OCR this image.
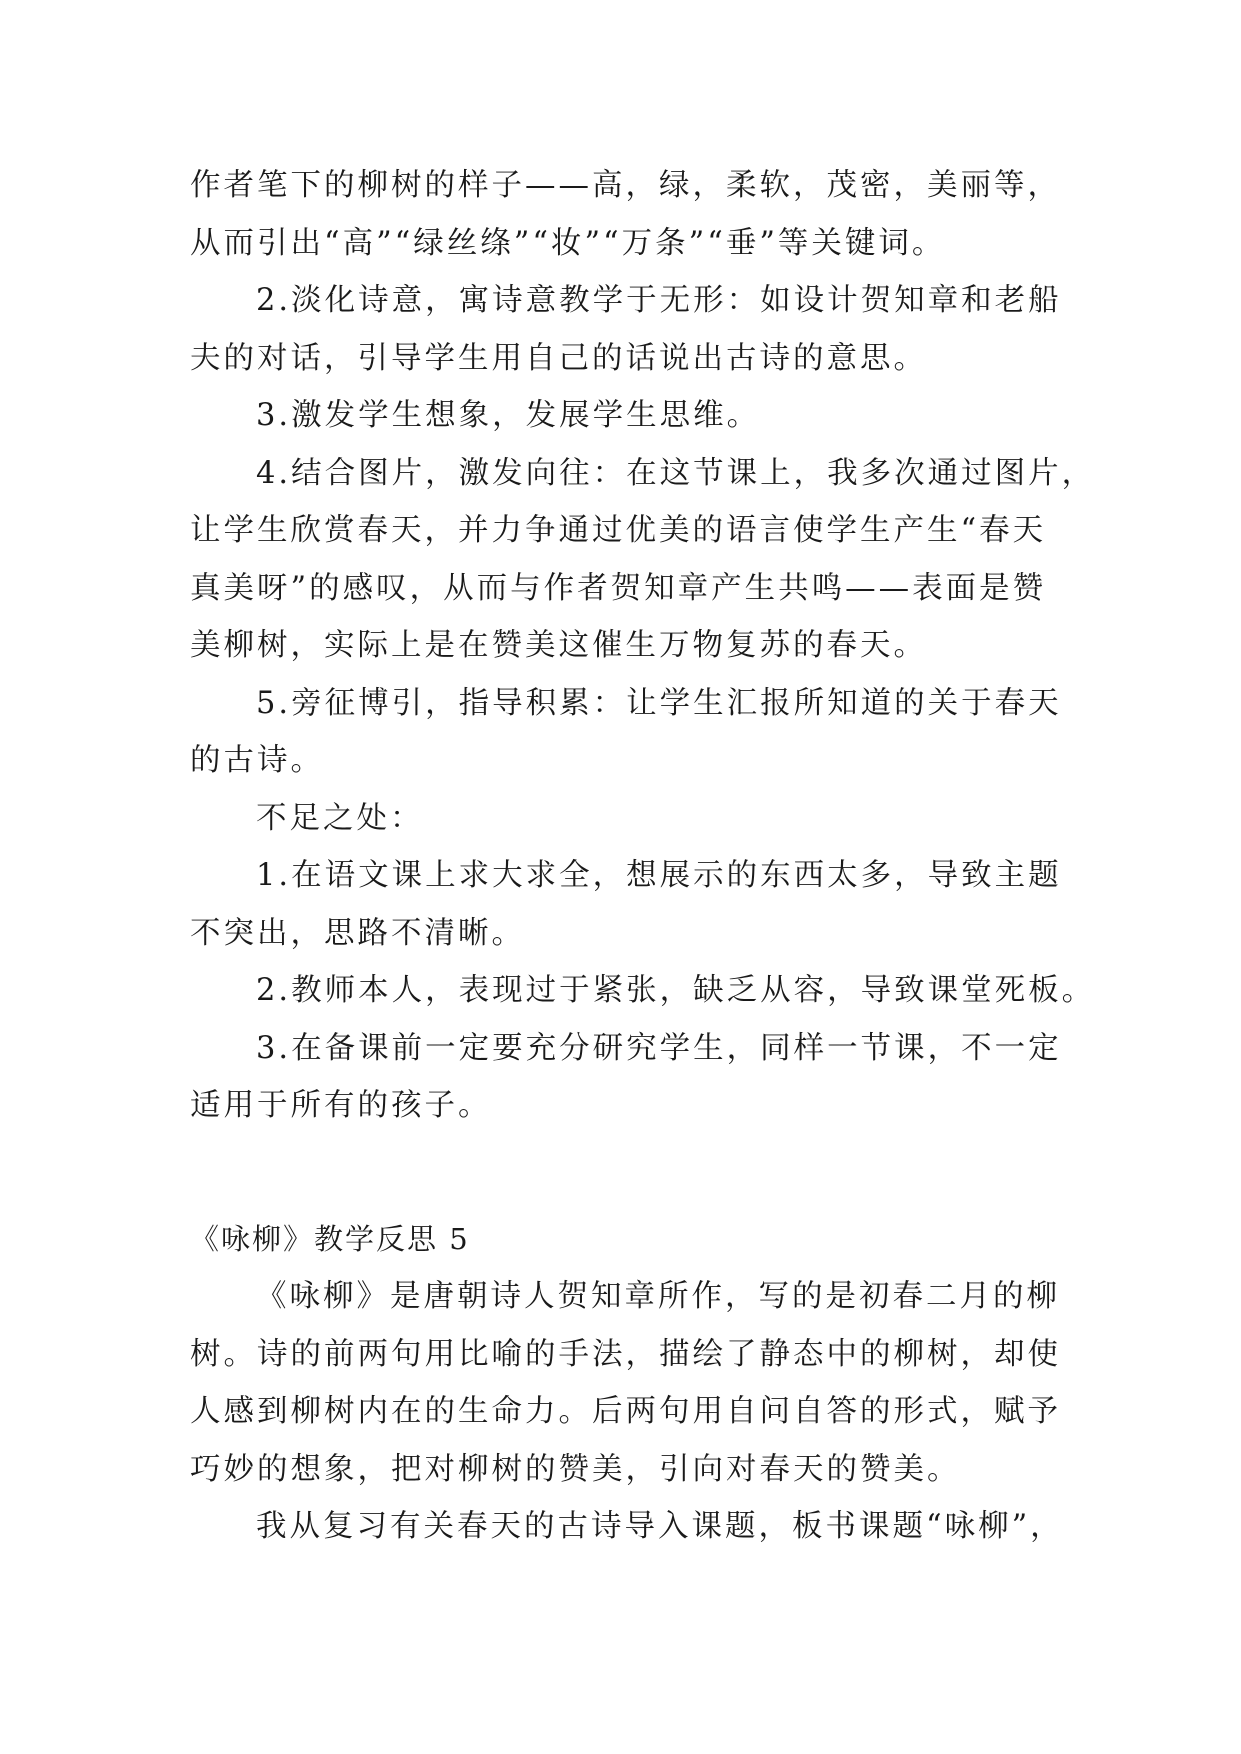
作者笔下的柳树的样子——高，绿，柔软，茂密，美丽等，
从而引出“高”“绿丝绦”“妆”“万条”“垂”等关键词。
2.淡化诗意，寓诗意教学于无形：如设计贺知章和老船
夫的对话，引导学生用自己的话说出古诗的意思。
3.激发学生想象，发展学生思维。
4.结合图片，激发向往：在这节课上，我多次通过图片，
让学生欣赏春天，并力争通过优美的语言使学生产生“春天
真美呀”的感叹，从而与作者贺知章产生共鸣——表面是赞
美柳树，实际上是在赞美这催生万物复苏的春天。
5.旁征博引，指导积累：让学生汇报所知道的关于春天
的古诗。
不足之处：
1.在语文课上求大求全，想展示的东西太多，导致主题
不突出，思路不清晰。
2.教师本人，表现过于紧张，缺乏从容，导致课堂死板。
3.在备课前一定要充分研究学生，同样一节课，不一定
适用于所有的孩子。
《咏柳》教学反思 5
《咏柳》是唐朝诗人贺知章所作，写的是初春二月的柳
树。诗的前两句用比喻的手法，描绘了静态中的柳树，却使
人感到柳树内在的生命力。后两句用自问自答的形式，赋予
巧妙的想象，把对柳树的赞美，引向对春天的赞美。
我从复习有关春天的古诗导入课题，板书课题“咏柳”，
